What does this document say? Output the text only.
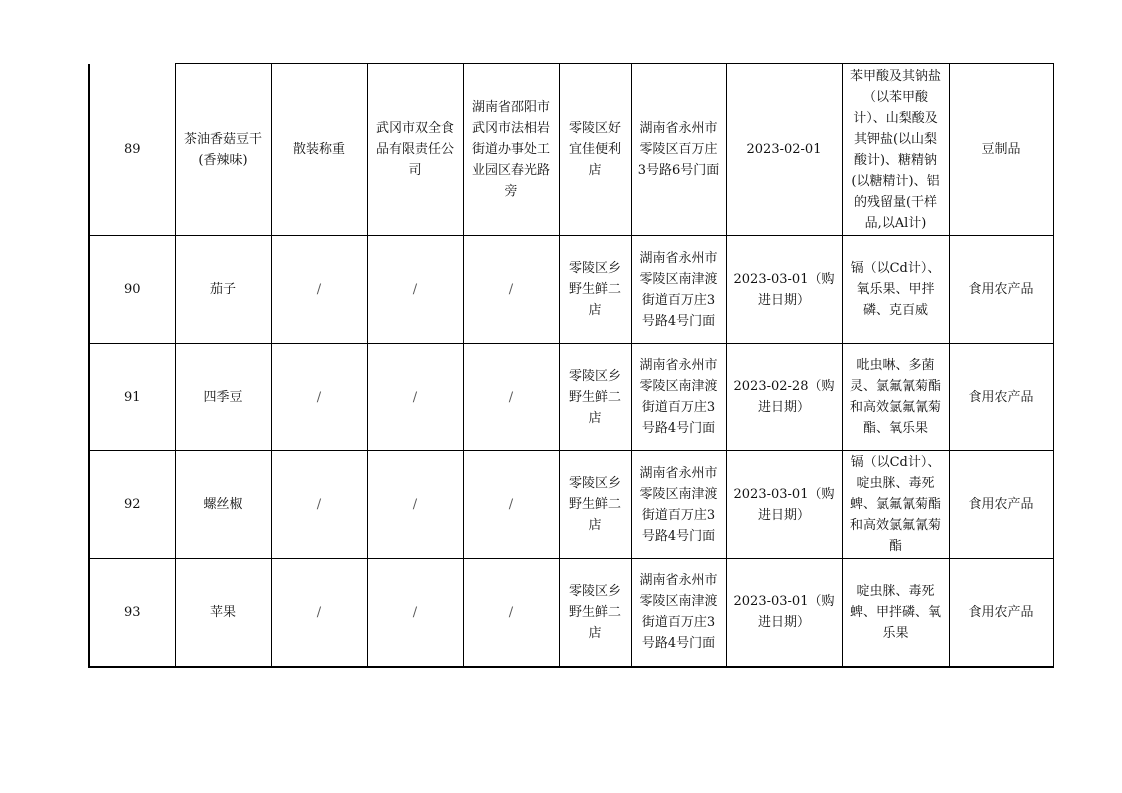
89	茶油香菇豆干(香辣味)	散装称重	武冈市双全食品有限责任公司	湖南省邵阳市武冈市法相岩街道办事处工业园区春光路旁	零陵区好宜佳便利店	湖南省永州市零陵区百万庄3号路6号门面	2023-02-01	苯甲酸及其钠盐（以苯甲酸计）、山梨酸及其钾盐(以山梨酸计)、糖精钠(以糖精计)、铝的残留量(干样品,以Al计)	豆制品
90	茄子	/	/	/	零陵区乡野生鲜二店	湖南省永州市零陵区南津渡街道百万庄3号路4号门面	2023-03-01（购进日期）	镉（以Cd计）、氧乐果、甲拌磷、克百威	食用农产品
91	四季豆	/	/	/	零陵区乡野生鲜二店	湖南省永州市零陵区南津渡街道百万庄3号路4号门面	2023-02-28（购进日期）	吡虫啉、多菌灵、氯氟氰菊酯和高效氯氟氰菊酯、氧乐果	食用农产品
92	螺丝椒	/	/	/	零陵区乡野生鲜二店	湖南省永州市零陵区南津渡街道百万庄3号路4号门面	2023-03-01（购进日期）	镉（以Cd计）、啶虫脒、毒死蜱、氯氟氰菊酯和高效氯氟氰菊酯	食用农产品
93	苹果	/	/	/	零陵区乡野生鲜二店	湖南省永州市零陵区南津渡街道百万庄3号路4号门面	2023-03-01（购进日期）	啶虫脒、毒死蜱、甲拌磷、氧乐果	食用农产品
